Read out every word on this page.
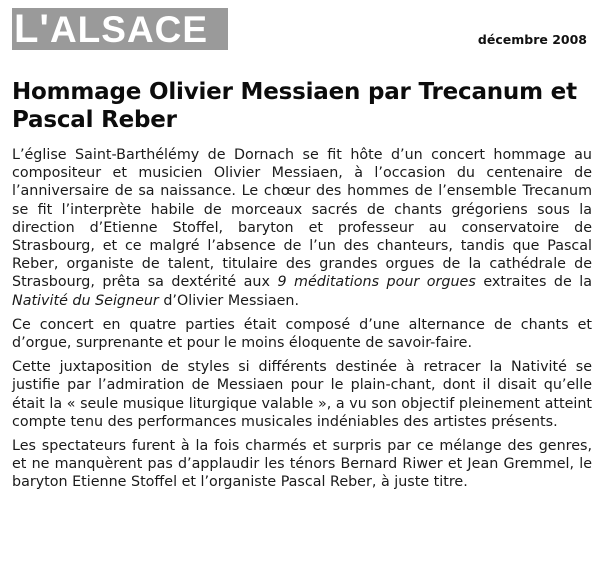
L'ALSACE	décembre 2008
Hommage Olivier Messiaen par Trecanum et Pascal Reber

L’église Saint-Barthélémy de Dornach se fit hôte d’un concert hommage au compositeur et musicien Olivier Messiaen, à l’occasion du centenaire de l’anniversaire de sa naissance. Le chœur des hommes de l’ensemble Trecanum se fit l’interprète habile de morceaux sacrés de chants grégoriens sous la direction d’Etienne Stoffel, baryton et professeur au conservatoire de Strasbourg, et ce malgré l’absence de l’un des chanteurs, tandis que Pascal Reber, organiste de talent, titulaire des grandes orgues de la cathédrale de Strasbourg, prêta sa dextérité aux 9 méditations pour orgues extraites de la Nativité du Seigneur d’Olivier Messiaen.

Ce concert en quatre parties était composé d’une alternance de chants et d’orgue, surprenante et pour le moins éloquente de savoir-faire.

Cette juxtaposition de styles si différents destinée à retracer la Nativité se justifie par l’admiration de Messiaen pour le plain-chant, dont il disait qu’elle était la « seule musique liturgique valable », a vu son objectif pleinement atteint compte tenu des performances musicales indéniables des artistes présents.

Les spectateurs furent à la fois charmés et surpris par ce mélange des genres, et ne manquèrent pas d’applaudir les ténors Bernard Riwer et Jean Gremmel, le baryton Etienne Stoffel et l’organiste Pascal Reber, à juste titre.
